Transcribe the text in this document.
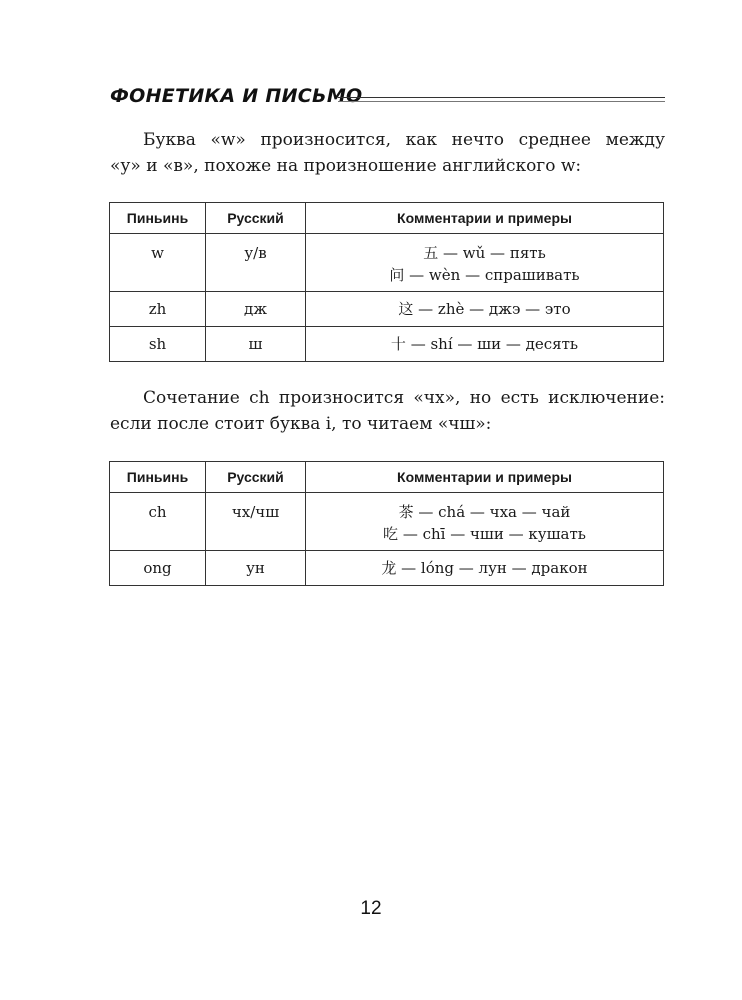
ФОНЕТИКА И ПИСЬМО
Буква «w» произносится, как нечто среднее между
«у» и «в», похоже на произношение английского w:
Пиньинь	Русский	Комментарии и примеры
w	у/в	五 — wǔ — пять
问 — wèn — спрашивать

zh	дж	这 — zhè — джэ — это

sh	ш	十 — shí — ши — десять
Сочетание ch произносится «чх», но есть исключение:
если после стоит буква i, то читаем «чш»:
Пиньинь	Русский	Комментарии и примеры
ch	чх/чш	茶 — chá — чха — чай
吃 — chī — чши — кушать

ong	ун	龙 — lóng — лун — дракон
12
